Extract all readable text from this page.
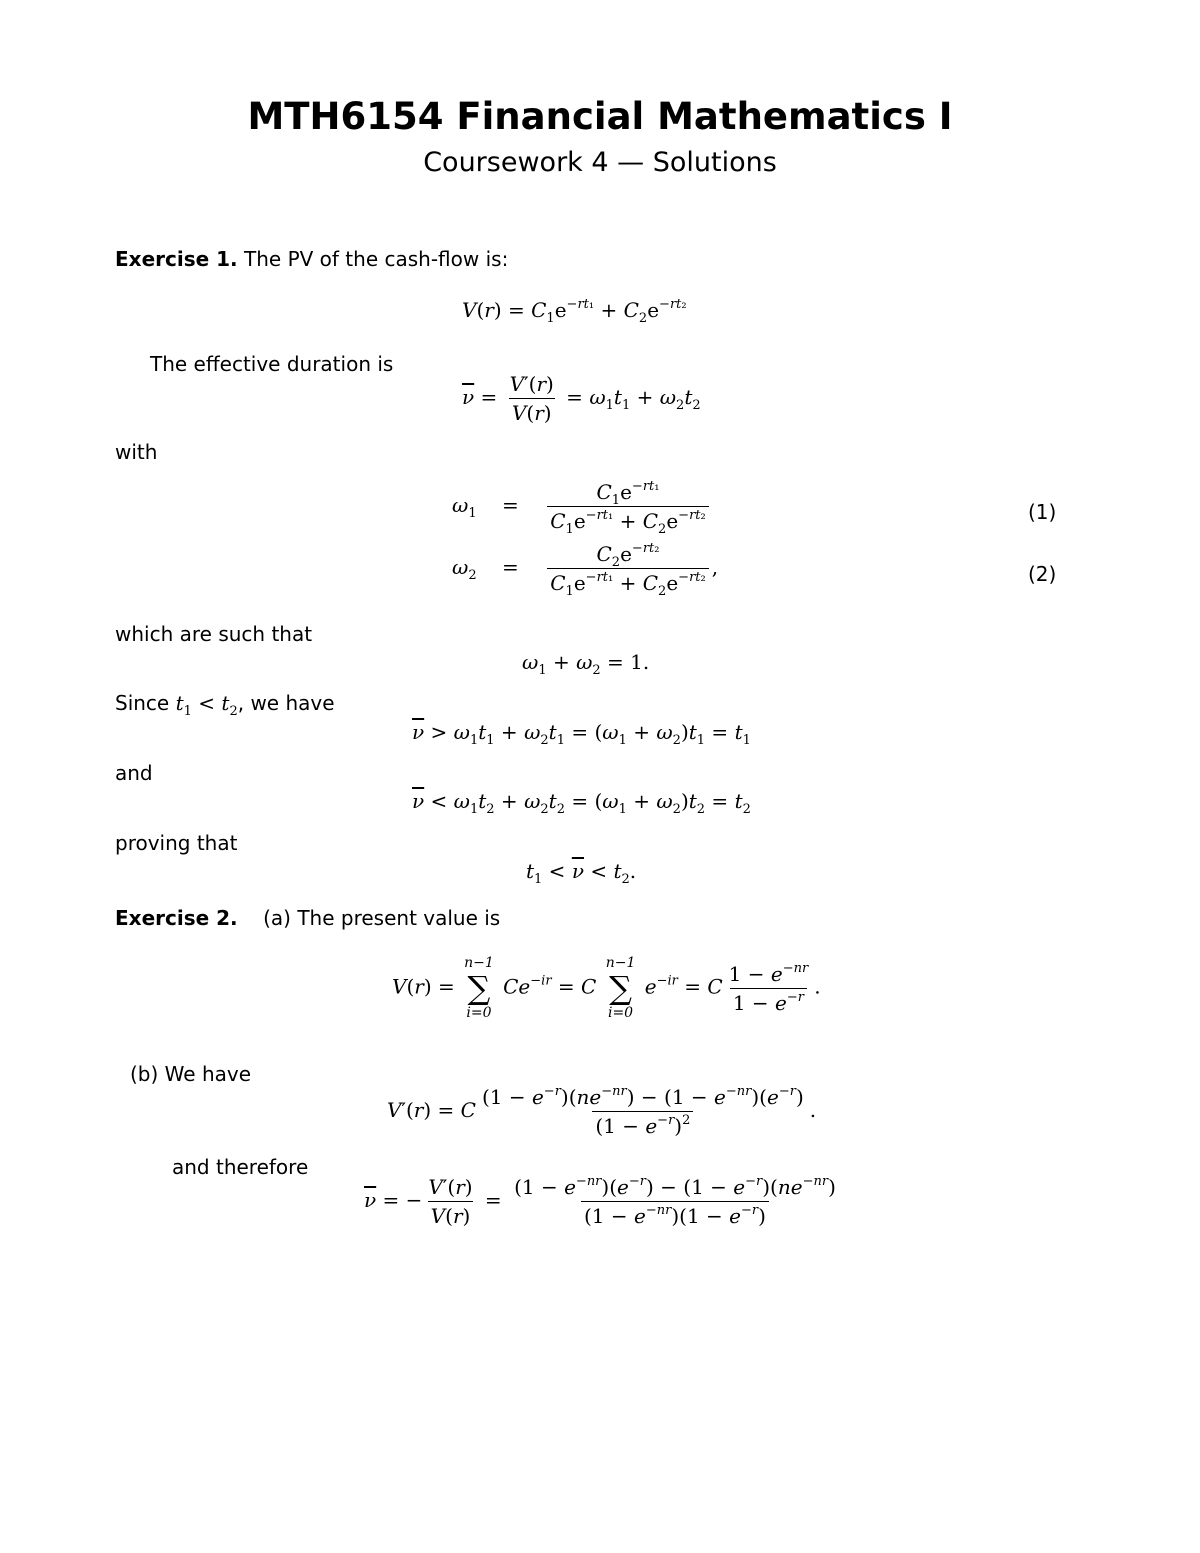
MTH6154 Financial Mathematics I
Coursework 4 — Solutions
Exercise 1. The PV of the cash-flow is:
$V(r) = C_1e^{-rt_1} + C_2e^{-rt_2}$
The effective duration is
$\overline{\nu} = \frac{V'(r)}{V(r)} = \omega_1t_1 + \omega_2t_2$
with
$\omega_1$    = $\frac{C_1e^{-rt_1}}{C_1e^{-rt_1} + C_2e^{-rt_2}}$	(1)
$\omega_2$    = $\frac{C_2e^{-rt_2}}{C_1e^{-rt_1} + C_2e^{-rt_2}}$ ,	(2)
which are such that
$\omega_1 + \omega_2 = 1$.
Since $t_1 < t_2$, we have
$\overline{\nu} > \omega_1t_1 + \omega_2t_1 = (\omega_1 + \omega_2)t_1 = t_1$
and
$\overline{\nu} < \omega_1t_2 + \omega_2t_2 = (\omega_1 + \omega_2)t_2 = t_2$
proving that
$t_1 < \overline{\nu} < t_2$.
Exercise 2. (a) The present value is
V(r) =
n−1
∑
i=0
$Ce^{-ir} = C$
n−1
∑
i=0
$e^{-ir} = C \frac{1 - e^{-nr}}{1 - e^{-r}}$ .
(b) We have
V′(r) = C $\frac{(1 - e^{-r})(ne^{-nr}) - (1 - e^{-nr})(e^{-r})}{(1 - e^{-r})^2}$ .
and therefore
$\overline{\nu}$ = − $\frac{V'(r)}{V(r)} = \frac{(1 - e^{-nr})(e^{-r}) - (1 - e^{-r})(ne^{-nr})}{(1 - e^{-nr})(1 - e^{-r})}$
